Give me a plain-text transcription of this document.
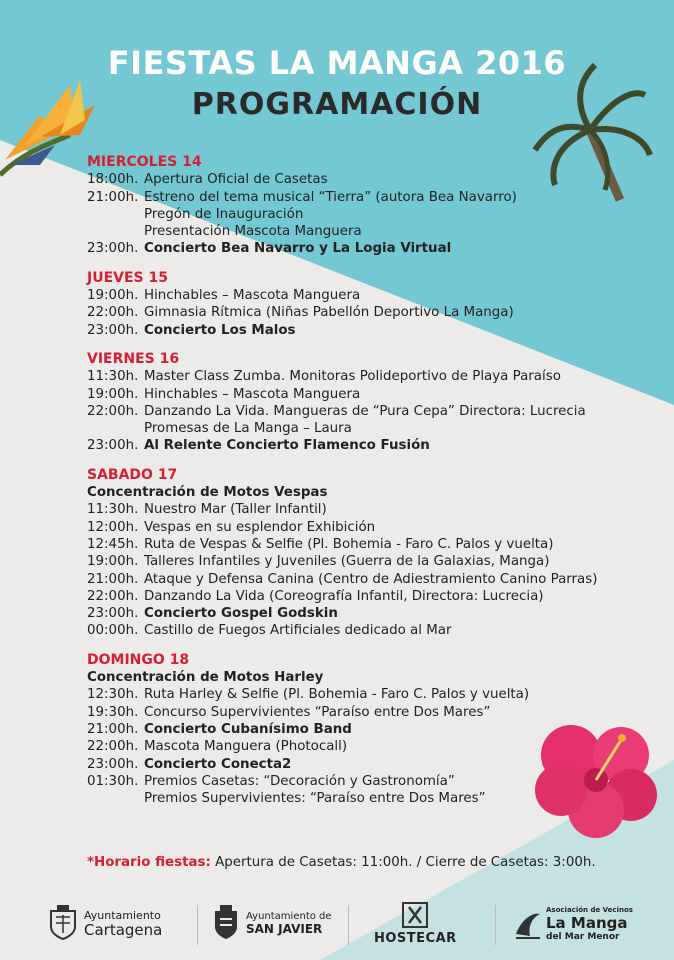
FIESTAS LA MANGA 2016
PROGRAMACIÓN
MIERCOLES 14
18:00h. Apertura Oficial de Casetas
21:00h. Estreno del tema musical “Tierra” (autora Bea Navarro)
Pregón de Inauguración
Presentación Mascota Manguera
23:00h. Concierto Bea Navarro y La Logia Virtual
JUEVES 15
19:00h. Hinchables – Mascota Manguera
22:00h. Gimnasia Rítmica (Niñas Pabellón Deportivo La Manga)
23:00h. Concierto Los Malos
VIERNES 16
11:30h. Master Class Zumba. Monitoras Polideportivo de Playa Paraíso
19:00h. Hinchables – Mascota Manguera
22:00h. Danzando La Vida. Mangueras de “Pura Cepa” Directora: Lucrecia
Promesas de La Manga – Laura
23:00h. Al Relente Concierto Flamenco Fusión
SABADO 17
Concentración de Motos Vespas
11:30h. Nuestro Mar (Taller Infantil)
12:00h. Vespas en su esplendor Exhibición
12:45h. Ruta de Vespas & Selfie (Pl. Bohemia - Faro C. Palos y vuelta)
19:00h. Talleres Infantiles y Juveniles (Guerra de la Galaxias, Manga)
21:00h. Ataque y Defensa Canina (Centro de Adiestramiento Canino Parras)
22:00h. Danzando La Vida (Coreografía Infantil, Directora: Lucrecia)
23:00h. Concierto Gospel Godskin
00:00h. Castillo de Fuegos Artificiales dedicado al Mar
DOMINGO 18
Concentración de Motos Harley
12:30h. Ruta Harley & Selfie (Pl. Bohemia - Faro C. Palos y vuelta)
19:30h. Concurso Supervivientes “Paraíso entre Dos Mares”
21:00h. Concierto Cubanísimo Band
22:00h. Mascota Manguera (Photocall)
23:00h. Concierto Conecta2
01:30h. Premios Casetas: “Decoración y Gastronomía”
Premios Supervivientes: “Paraíso entre Dos Mares”
*Horario fiestas: Apertura de Casetas: 11:00h. / Cierre de Casetas: 3:00h.
Ayuntamiento
Cartagena
Ayuntamiento de
SAN JAVIER
HOSTECAR
Asociación de Vecinos
La Manga
del Mar Menor
